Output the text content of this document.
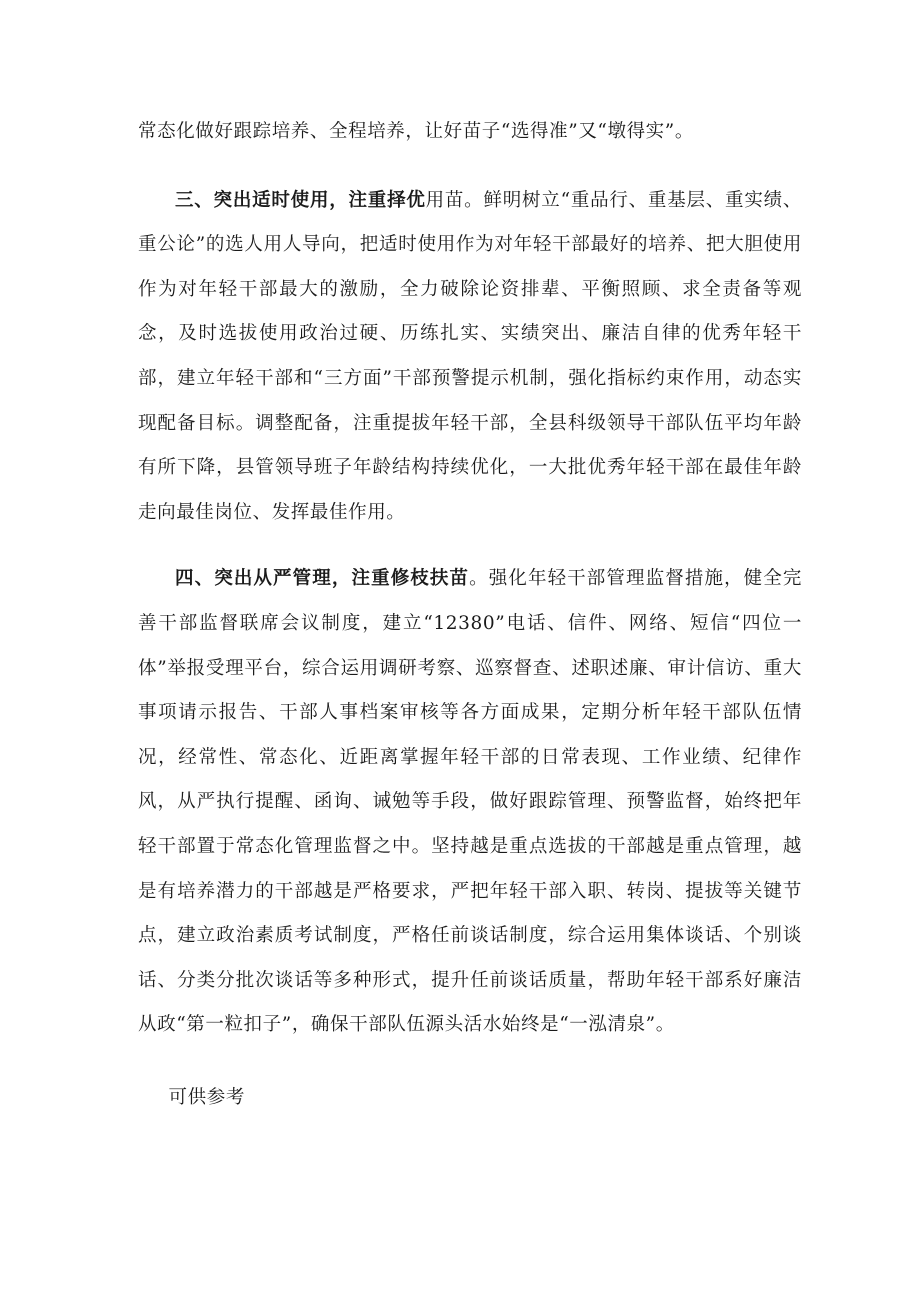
常态化做好跟踪培养、全程培养，让好苗子“选得准”又“墩得实”。

三、突出适时使用，注重择优用苗。鲜明树立“重品行、重基层、重实绩、重公论”的选人用人导向，把适时使用作为对年轻干部最好的培养、把大胆使用作为对年轻干部最大的激励，全力破除论资排辈、平衡照顾、求全责备等观念，及时选拔使用政治过硬、历练扎实、实绩突出、廉洁自律的优秀年轻干部，建立年轻干部和“三方面”干部预警提示机制，强化指标约束作用，动态实现配备目标。调整配备，注重提拔年轻干部，全县科级领导干部队伍平均年龄有所下降，县管领导班子年龄结构持续优化，一大批优秀年轻干部在最佳年龄走向最佳岗位、发挥最佳作用。

四、突出从严管理，注重修枝扶苗。强化年轻干部管理监督措施，健全完善干部监督联席会议制度，建立“12380”电话、信件、网络、短信“四位一体”举报受理平台，综合运用调研考察、巡察督查、述职述廉、审计信访、重大事项请示报告、干部人事档案审核等各方面成果，定期分析年轻干部队伍情况，经常性、常态化、近距离掌握年轻干部的日常表现、工作业绩、纪律作风，从严执行提醒、函询、诫勉等手段，做好跟踪管理、预警监督，始终把年轻干部置于常态化管理监督之中。坚持越是重点选拔的干部越是重点管理，越是有培养潜力的干部越是严格要求，严把年轻干部入职、转岗、提拔等关键节点，建立政治素质考试制度，严格任前谈话制度，综合运用集体谈话、个别谈话、分类分批次谈话等多种形式，提升任前谈话质量，帮助年轻干部系好廉洁从政“第一粒扣子”，确保干部队伍源头活水始终是“一泓清泉”。

可供参考
